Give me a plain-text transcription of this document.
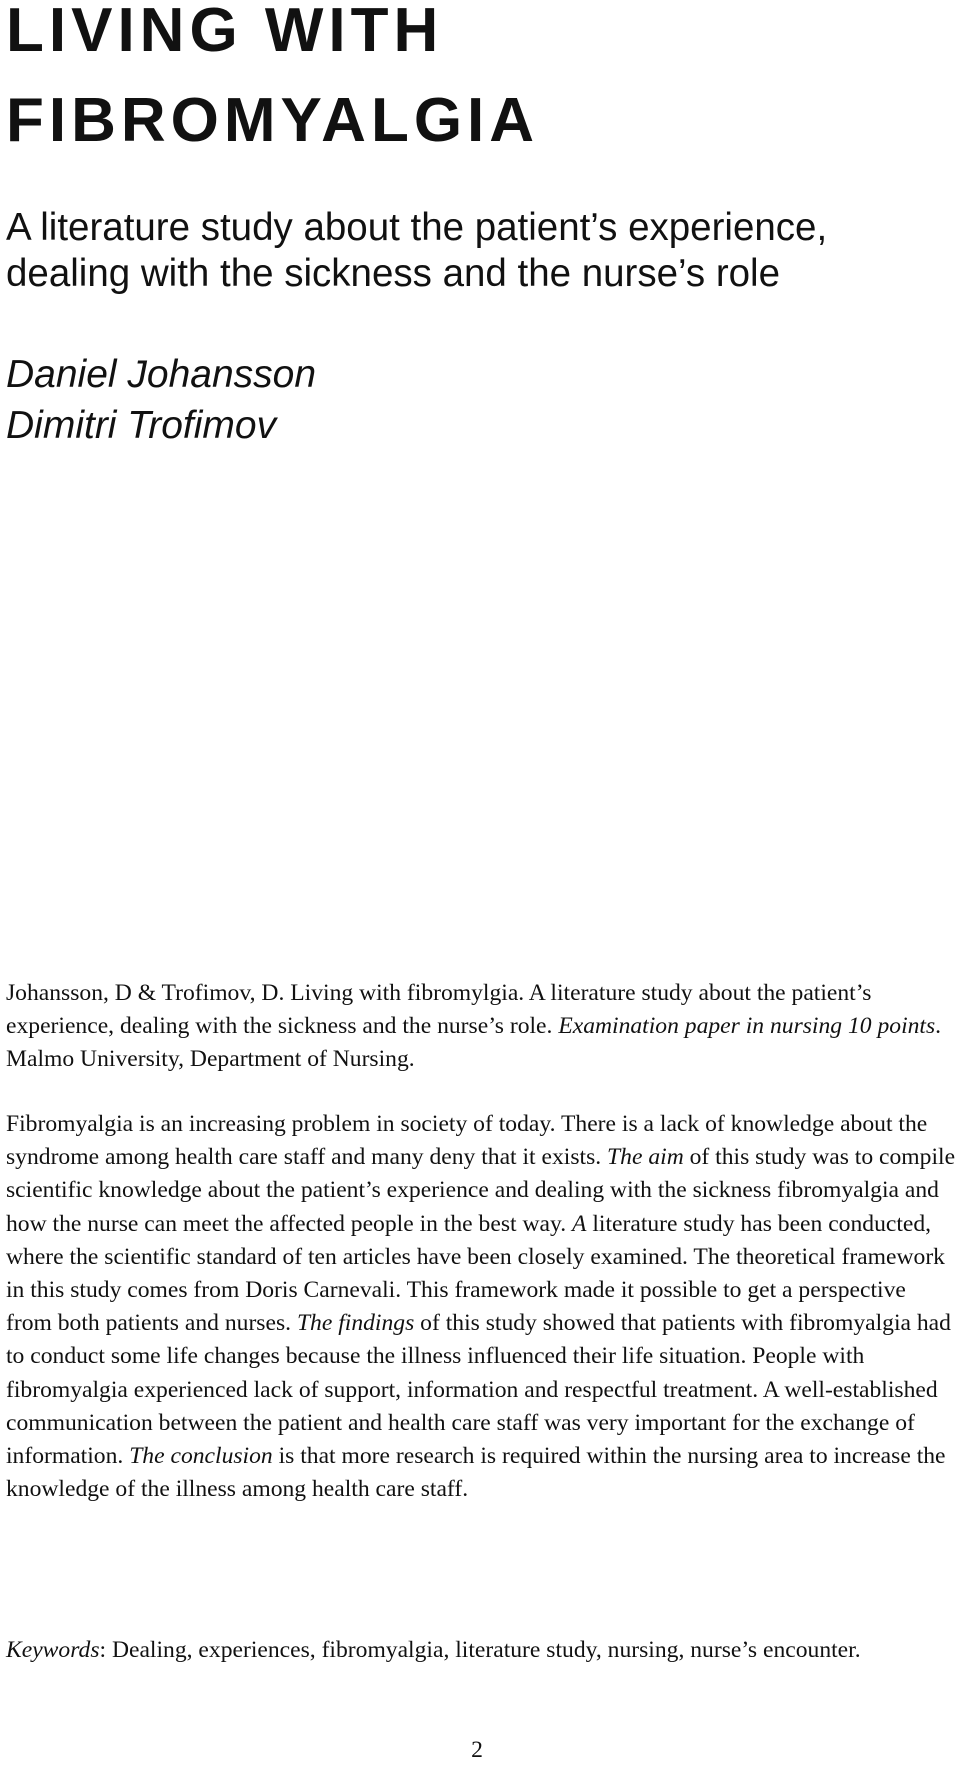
LIVING WITH
FIBROMYALGIA
A literature study about the patient’s experience, dealing with the sickness and the nurse’s role
Daniel Johansson
Dimitri Trofimov

Johansson, D & Trofimov, D. Living with fibromylgia. A literature study about the patient’s experience, dealing with the sickness and the nurse’s role. Examination paper in nursing 10 points. Malmo University, Department of Nursing.

Fibromyalgia is an increasing problem in society of today. There is a lack of knowledge about the syndrome among health care staff and many deny that it exists. The aim of this study was to compile scientific knowledge about the patient’s experience and dealing with the sickness fibromyalgia and how the nurse can meet the affected people in the best way. A literature study has been conducted, where the scientific standard of ten articles have been closely examined. The theoretical framework in this study comes from Doris Carnevali. This framework made it possible to get a perspective from both patients and nurses. The findings of this study showed that patients with fibromyalgia had to conduct some life changes because the illness influenced their life situation. People with fibromyalgia experienced lack of support, information and respectful treatment. A well-established communication between the patient and health care staff was very important for the exchange of information. The conclusion is that more research is required within the nursing area to increase the knowledge of the illness among health care staff.

Keywords: Dealing, experiences, fibromyalgia, literature study, nursing, nurse’s encounter.

2
